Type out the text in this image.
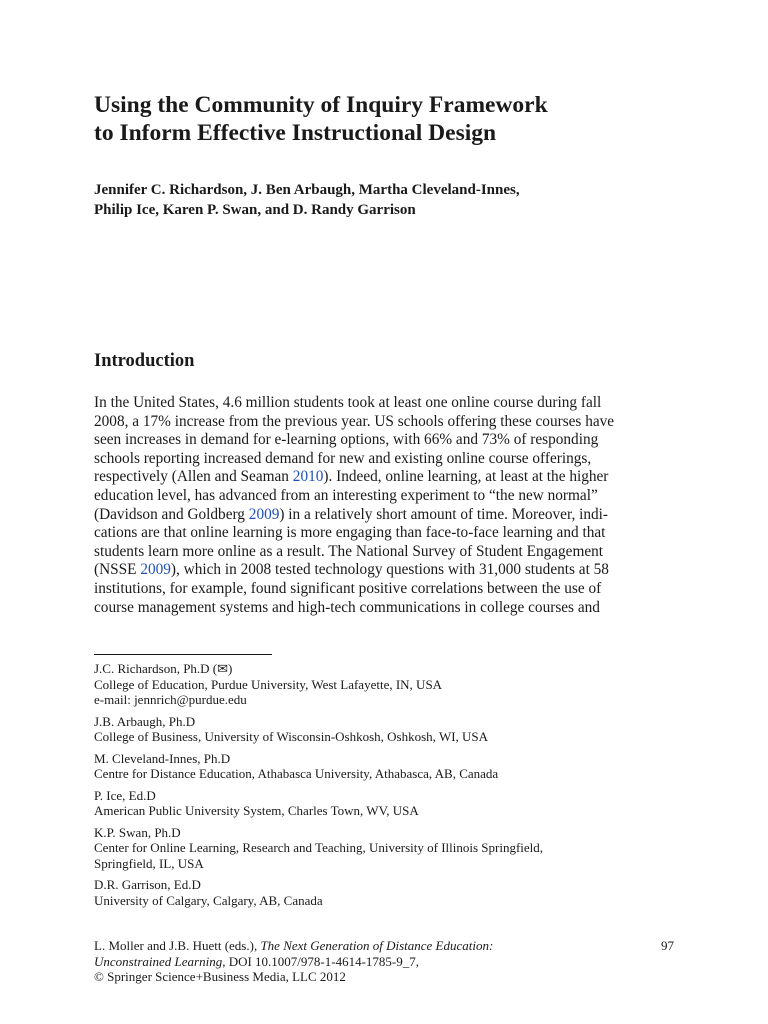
Using the Community of Inquiry Framework
to Inform Effective Instructional Design
Jennifer C. Richardson, J. Ben Arbaugh, Martha Cleveland-Innes,
Philip Ice, Karen P. Swan, and D. Randy Garrison
Introduction
In the United States, 4.6 million students took at least one online course during fall
2008, a 17% increase from the previous year. US schools offering these courses have
seen increases in demand for e-learning options, with 66% and 73% of responding
schools reporting increased demand for new and existing online course offerings,
respectively (Allen and Seaman 2010). Indeed, online learning, at least at the higher
education level, has advanced from an interesting experiment to “the new normal”
(Davidson and Goldberg 2009) in a relatively short amount of time. Moreover, indi-
cations are that online learning is more engaging than face-to-face learning and that
students learn more online as a result. The National Survey of Student Engagement
(NSSE 2009), which in 2008 tested technology questions with 31,000 students at 58
institutions, for example, found significant positive correlations between the use of
course management systems and high-tech communications in college courses and
J.C. Richardson, Ph.D (✉)
College of Education, Purdue University, West Lafayette, IN, USA
e-mail: jennrich@purdue.edu
J.B. Arbaugh, Ph.D
College of Business, University of Wisconsin-Oshkosh, Oshkosh, WI, USA
M. Cleveland-Innes, Ph.D
Centre for Distance Education, Athabasca University, Athabasca, AB, Canada
P. Ice, Ed.D
American Public University System, Charles Town, WV, USA
K.P. Swan, Ph.D
Center for Online Learning, Research and Teaching, University of Illinois Springfield,
Springfield, IL, USA
D.R. Garrison, Ed.D
University of Calgary, Calgary, AB, Canada
L. Moller and J.B. Huett (eds.), The Next Generation of Distance Education:
Unconstrained Learning, DOI 10.1007/978-1-4614-1785-9_7,
© Springer Science+Business Media, LLC 2012
97
